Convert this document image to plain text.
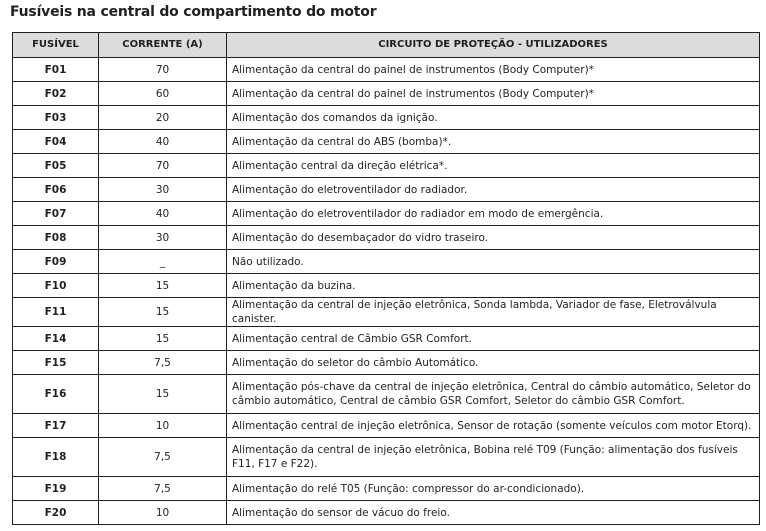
Fusíveis na central do compartimento do motor
FUSÍVEL	CORRENTE (A)	CIRCUITO DE PROTEÇÃO - UTILIZADORES
F01	70	Alimentação da central do painel de instrumentos (Body Computer)*
F02	60	Alimentação da central do painel de instrumentos (Body Computer)*
F03	20	Alimentação dos comandos da ignição.
F04	40	Alimentação da central do ABS (bomba)*.
F05	70	Alimentação central da direção elétrica*.
F06	30	Alimentação do eletroventilador do radiador.
F07	40	Alimentação do eletroventilador do radiador em modo de emergência.
F08	30	Alimentação do desembaçador do vidro traseiro.
F09	_	Não utilizado.
F10	15	Alimentação da buzina.
F11	15	Alimentação da central de injeção eletrônica, Sonda lambda, Variador de fase, Eletroválvula canister.
F14	15	Alimentação central de Câmbio GSR Comfort.
F15	7,5	Alimentação do seletor do câmbio Automático.
F16	15	Alimentação pós-chave da central de injeção eletrônica, Central do câmbio automático, Seletor do câmbio automático, Central de câmbio GSR Comfort, Seletor do câmbio GSR Comfort.
F17	10	Alimentação central de injeção eletrônica, Sensor de rotação (somente veículos com motor Etorq).
F18	7,5	Alimentação da central de injeção eletrônica, Bobina relé T09 (Função: alimentação dos fusíveis F11, F17 e F22).
F19	7,5	Alimentação do relé T05 (Função: compressor do ar-condicionado).
F20	10	Alimentação do sensor de vácuo do freio.
